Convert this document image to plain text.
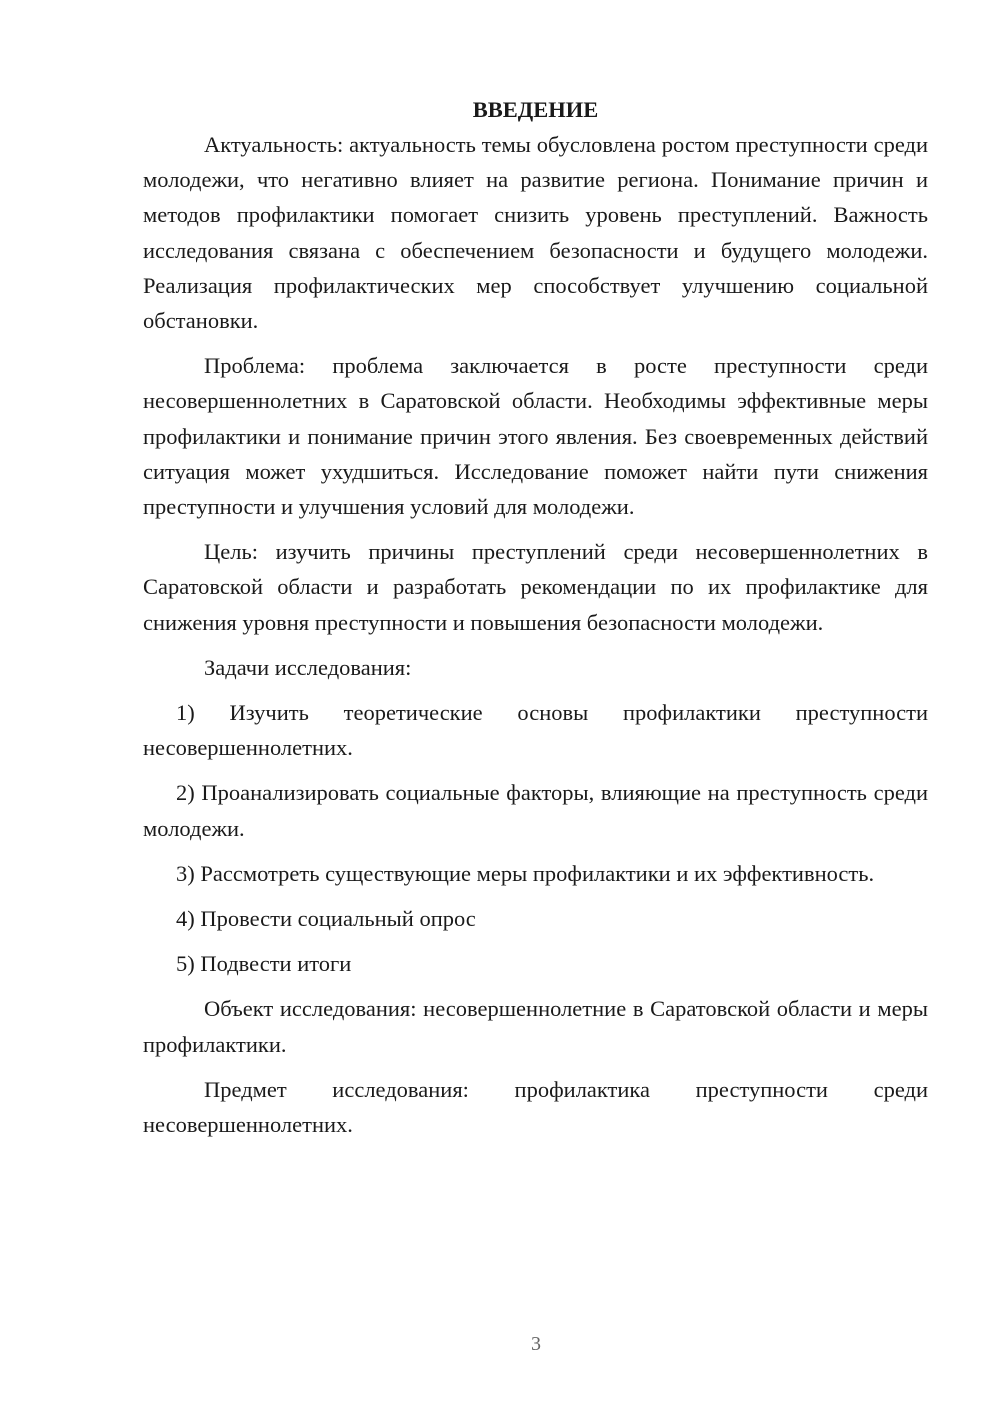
ВВЕДЕНИЕ

Актуальность: актуальность темы обусловлена ростом преступности среди молодежи, что негативно влияет на развитие региона. Понимание причин и методов профилактики помогает снизить уровень преступлений. Важность исследования связана с обеспечением безопасности и будущего молодежи. Реализация профилактических мер способствует улучшению социальной обстановки.

Проблема: проблема заключается в росте преступности среди несовершеннолетних в Саратовской области. Необходимы эффективные меры профилактики и понимание причин этого явления. Без своевременных действий ситуация может ухудшиться. Исследование поможет найти пути снижения преступности и улучшения условий для молодежи.

Цель: изучить причины преступлений среди несовершеннолетних в Саратовской области и разработать рекомендации по их профилактике для снижения уровня преступности и повышения безопасности молодежи.

Задачи исследования:

1) Изучить теоретические основы профилактики преступности несовершеннолетних.

2) Проанализировать социальные факторы, влияющие на преступность среди молодежи.

3) Рассмотреть существующие меры профилактики и их эффективность.

4) Провести социальный опрос

5) Подвести итоги

Объект исследования: несовершеннолетние в Саратовской области и меры профилактики.

Предмет исследования: профилактика преступности среди несовершеннолетних.

3
